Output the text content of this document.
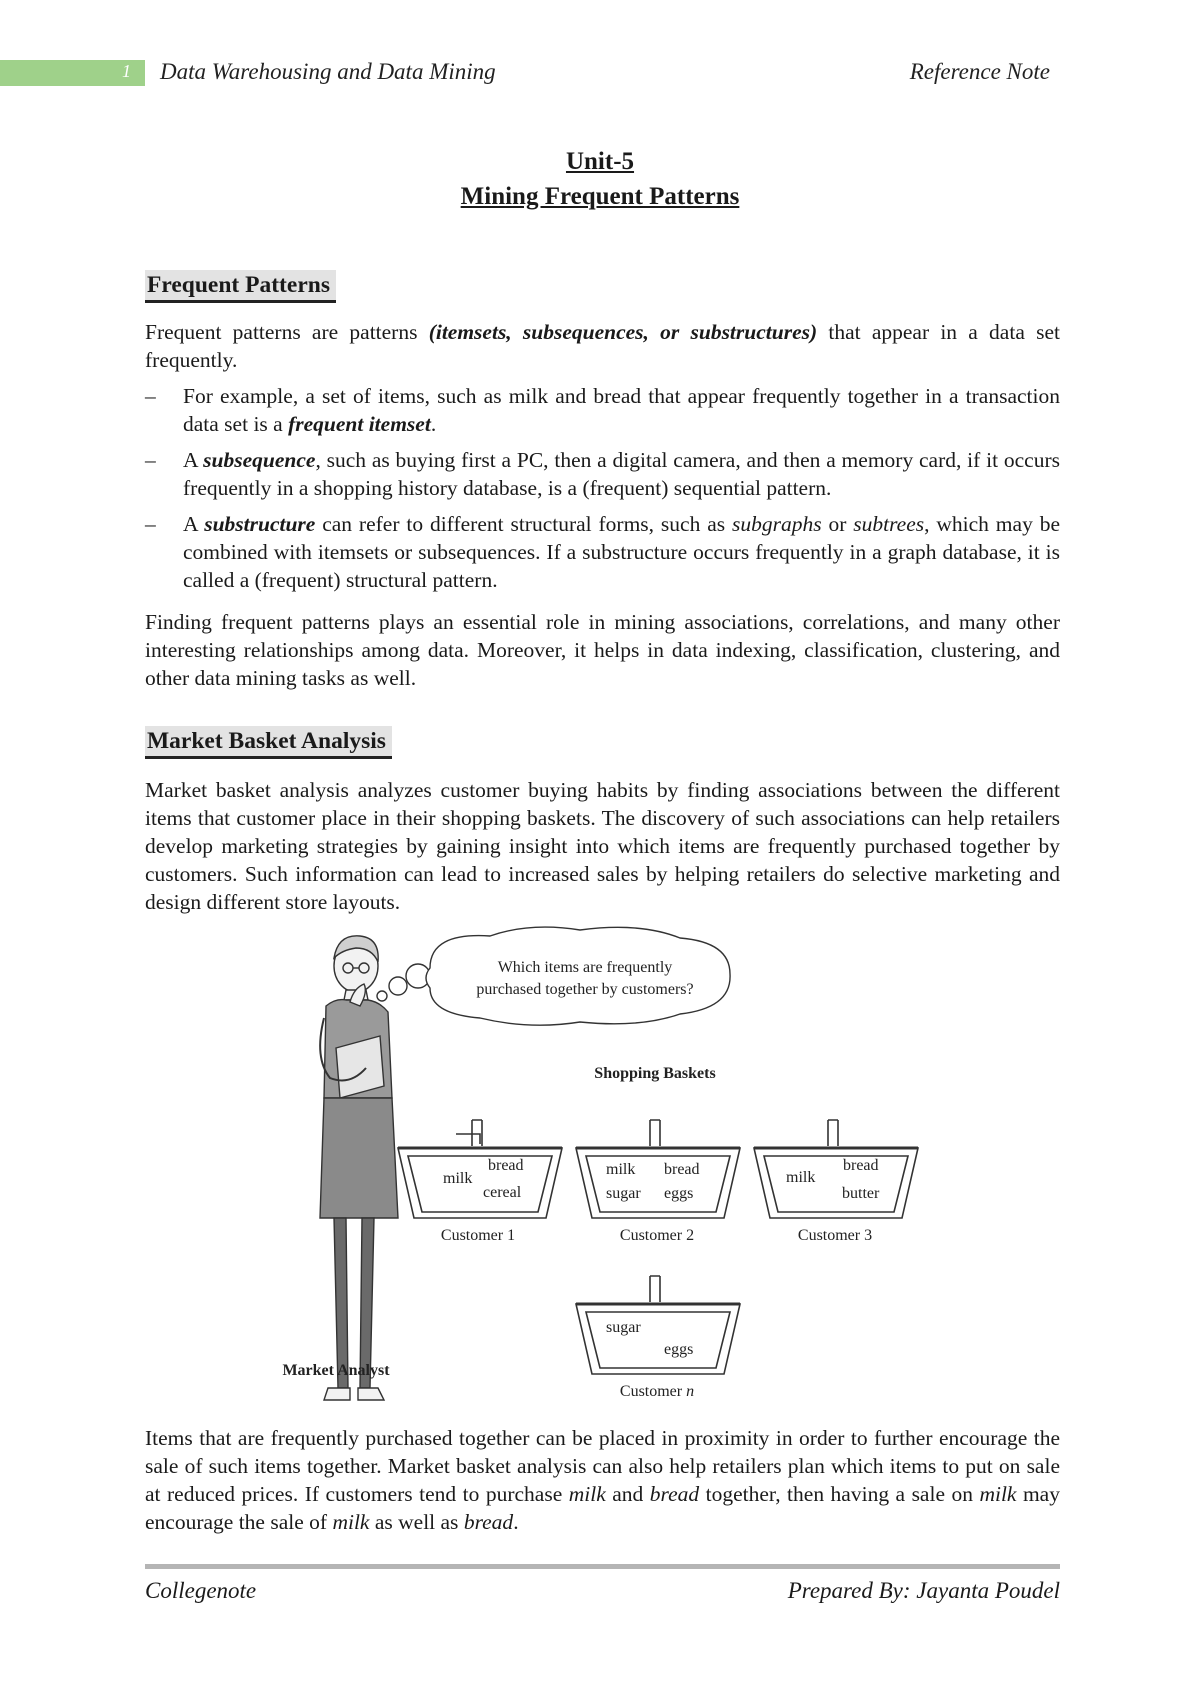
1 Data Warehousing and Data Mining	Reference Note
Unit-5
Mining Frequent Patterns
Frequent Patterns

Frequent patterns are patterns (itemsets, subsequences, or substructures) that appear in a data set frequently.

– For example, a set of items, such as milk and bread that appear frequently together in a transaction data set is a frequent itemset.
– A subsequence, such as buying first a PC, then a digital camera, and then a memory card, if it occurs frequently in a shopping history database, is a (frequent) sequential pattern.
– A substructure can refer to different structural forms, such as subgraphs or subtrees, which may be combined with itemsets or subsequences. If a substructure occurs frequently in a graph database, it is called a (frequent) structural pattern.

Finding frequent patterns plays an essential role in mining associations, correlations, and many other interesting relationships among data. Moreover, it helps in data indexing, classification, clustering, and other data mining tasks as well.

Market Basket Analysis

Market basket analysis analyzes customer buying habits by finding associations between the different items that customer place in their shopping baskets. The discovery of such associations can help retailers develop marketing strategies by gaining insight into which items are frequently purchased together by customers. Such information can lead to increased sales by helping retailers do selective marketing and design different store layouts.

Which items are frequently
purchased together by customers?
Shopping Baskets
milk
bread
cereal
Customer 1
milk bread
sugar eggs
Customer 2
bread
milk
butter
Customer 3
sugar
eggs
Customer n
Market Analyst

Items that are frequently purchased together can be placed in proximity in order to further encourage the sale of such items together. Market basket analysis can also help retailers plan which items to put on sale at reduced prices. If customers tend to purchase milk and bread together, then having a sale on milk may encourage the sale of milk as well as bread.

Collegenote	Prepared By: Jayanta Poudel
